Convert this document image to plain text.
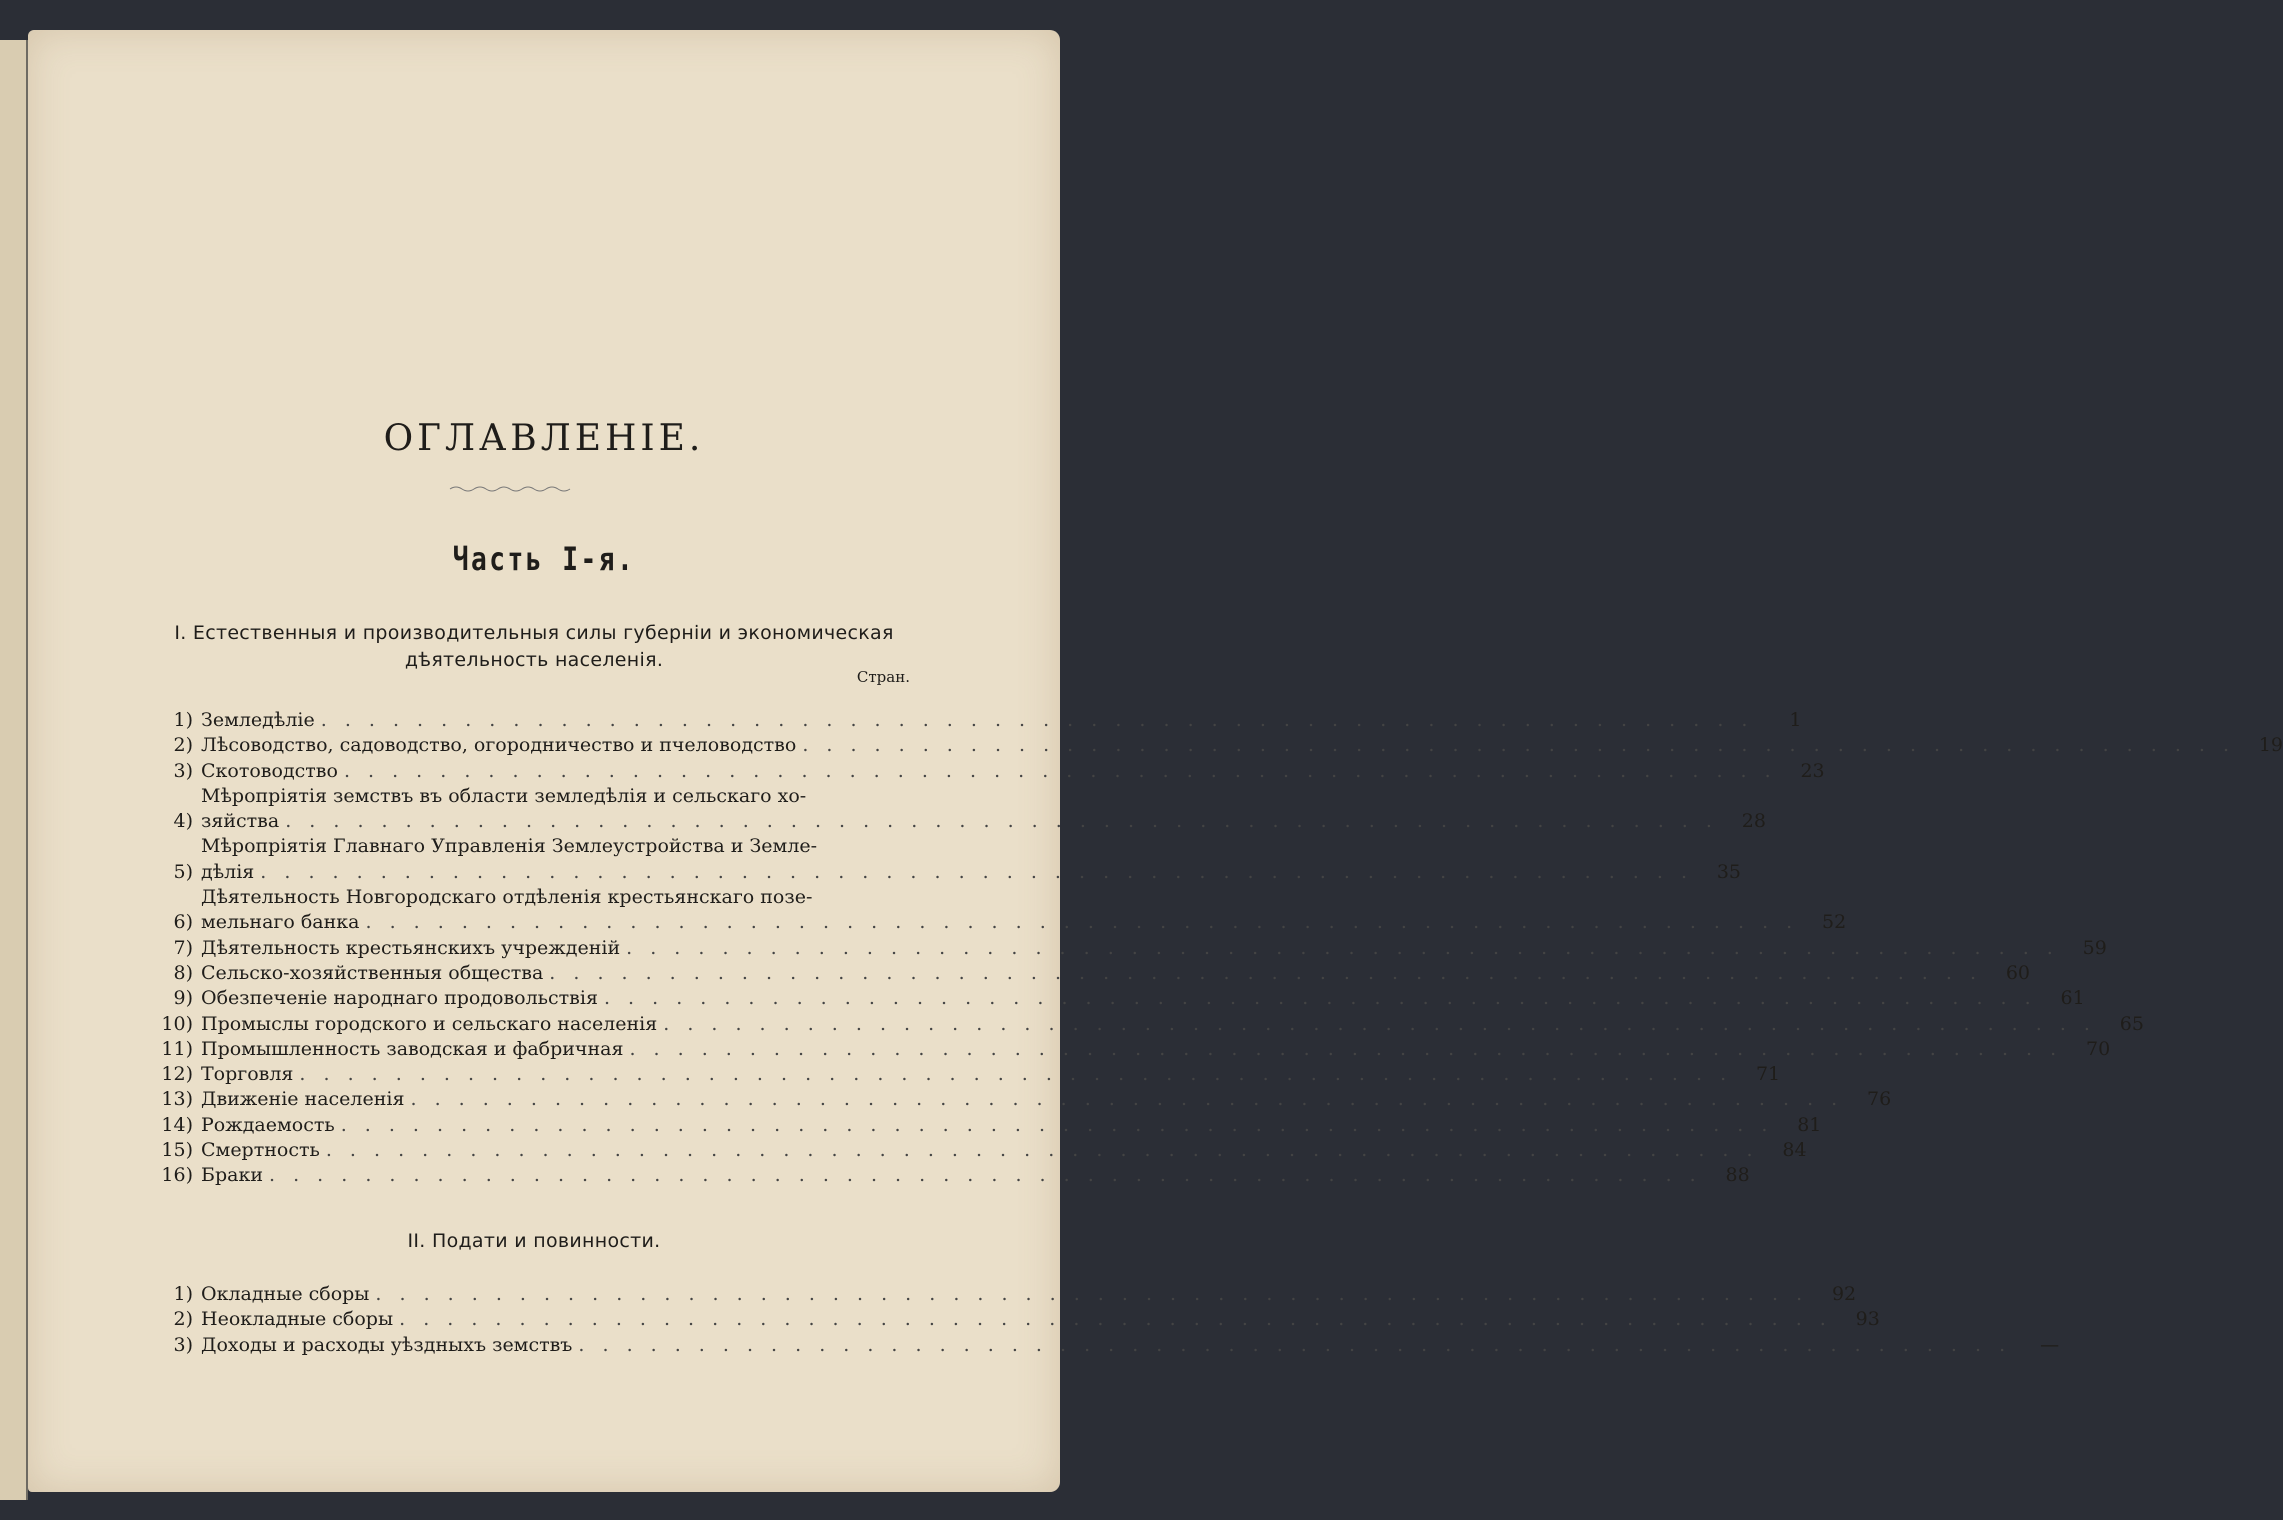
ОГЛАВЛЕНІЕ.
Часть I-я.
I. Естественныя и производительныя силы губерніи и экономическая дѣятельность населенія.
Стран.
1) Земледѣліе . . . . . . . . . . . . . . . . . . . . . . . . . . . . . . . . . . . . . . . . . . . . . . . . . . . . . . . . . . . .	1
2) Лѣсоводство, садоводство, огородничество и пчеловодство . . . . . . . . . . . . . . . . . . . . . . . . . . . . . . . . . . . . . . . . . . . . . . . . . . . . . . . . . . . .	19
3) Скотоводство . . . . . . . . . . . . . . . . . . . . . . . . . . . . . . . . . . . . . . . . . . . . . . . . . . . . . . . . . . . .	23
4)
Мѣропріятія земствъ въ области земледѣлія и сельскаго хо-
зяйства . . . . . . . . . . . . . . . . . . . . . . . . . . . . . . . . . . . . . . . . . . . . . . . . . . . . . . . . . . . .	28
5)
Мѣропріятія Главнаго Управленія Землеустройства и Земле-
дѣлія . . . . . . . . . . . . . . . . . . . . . . . . . . . . . . . . . . . . . . . . . . . . . . . . . . . . . . . . . . . .	35
6)
Дѣятельность Новгородскаго отдѣленія крестьянскаго позе-
мельнаго банка . . . . . . . . . . . . . . . . . . . . . . . . . . . . . . . . . . . . . . . . . . . . . . . . . . . . . . . . . . . .	52
7) Дѣятельность крестьянскихъ учрежденій . . . . . . . . . . . . . . . . . . . . . . . . . . . . . . . . . . . . . . . . . . . . . . . . . . . . . . . . . . . .	59
8) Сельско-хозяйственныя общества . . . . . . . . . . . . . . . . . . . . . . . . . . . . . . . . . . . . . . . . . . . . . . . . . . . . . . . . . . . .	60
9) Обезпеченіе народнаго продовольствія . . . . . . . . . . . . . . . . . . . . . . . . . . . . . . . . . . . . . . . . . . . . . . . . . . . . . . . . . . . .	61
10) Промыслы городского и сельскаго населенія . . . . . . . . . . . . . . . . . . . . . . . . . . . . . . . . . . . . . . . . . . . . . . . . . . . . . . . . . . . .	65
11) Промышленность заводская и фабричная . . . . . . . . . . . . . . . . . . . . . . . . . . . . . . . . . . . . . . . . . . . . . . . . . . . . . . . . . . . .	70
12) Торговля . . . . . . . . . . . . . . . . . . . . . . . . . . . . . . . . . . . . . . . . . . . . . . . . . . . . . . . . . . . .	71
13) Движеніе населенія . . . . . . . . . . . . . . . . . . . . . . . . . . . . . . . . . . . . . . . . . . . . . . . . . . . . . . . . . . . .	76
14) Рождаемость . . . . . . . . . . . . . . . . . . . . . . . . . . . . . . . . . . . . . . . . . . . . . . . . . . . . . . . . . . . .	81
15) Смертность . . . . . . . . . . . . . . . . . . . . . . . . . . . . . . . . . . . . . . . . . . . . . . . . . . . . . . . . . . . .	84
16) Браки . . . . . . . . . . . . . . . . . . . . . . . . . . . . . . . . . . . . . . . . . . . . . . . . . . . . . . . . . . . .	88
II. Подати и повинности.
1) Окладные сборы . . . . . . . . . . . . . . . . . . . . . . . . . . . . . . . . . . . . . . . . . . . . . . . . . . . . . . . . . . . .	92
2) Неокладные сборы . . . . . . . . . . . . . . . . . . . . . . . . . . . . . . . . . . . . . . . . . . . . . . . . . . . . . . . . . . . .	93
3) Доходы и расходы уѣздныхъ земствъ . . . . . . . . . . . . . . . . . . . . . . . . . . . . . . . . . . . . . . . . . . . . . . . . . . . . . . . . . . . .	—
